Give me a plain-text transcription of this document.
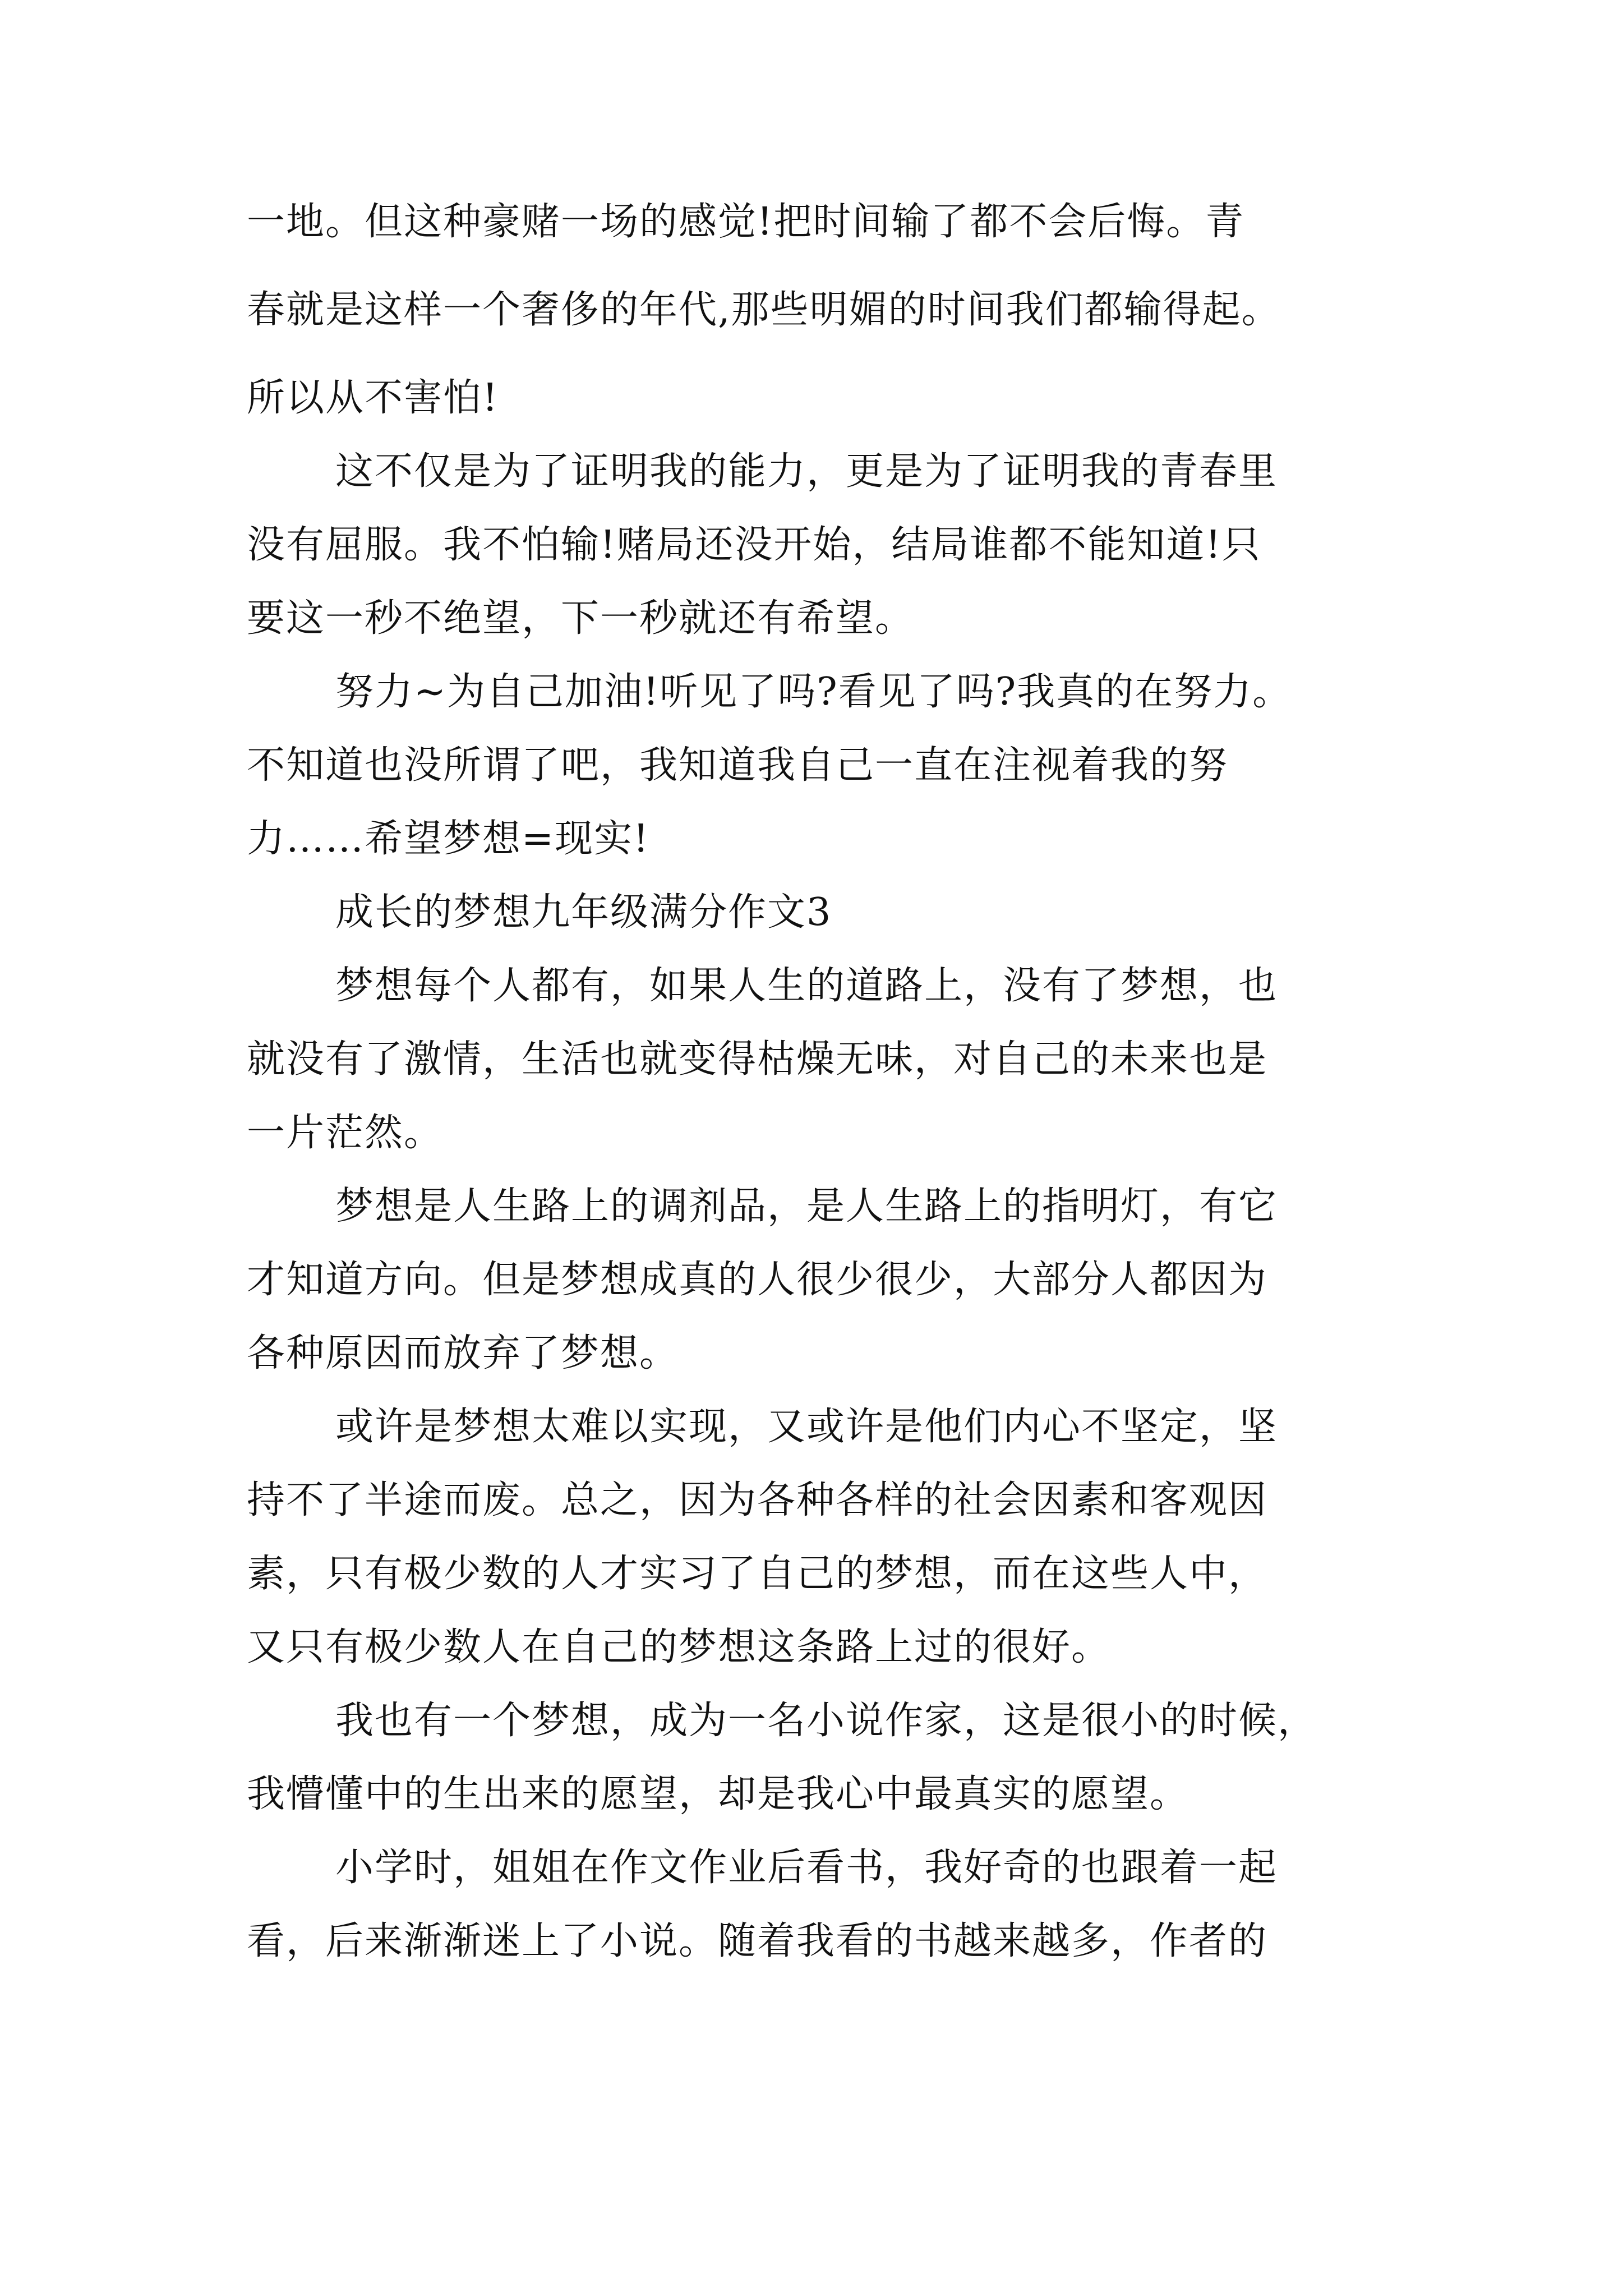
一地。但这种豪赌一场的感觉!把时间输了都不会后悔。青
春就是这样一个奢侈的年代,那些明媚的时间我们都输得起。
所以从不害怕!
这不仅是为了证明我的能力，更是为了证明我的青春里
没有屈服。我不怕输!赌局还没开始，结局谁都不能知道!只
要这一秒不绝望，下一秒就还有希望。
努力~为自己加油!听见了吗?看见了吗?我真的在努力。
不知道也没所谓了吧，我知道我自己一直在注视着我的努
力……希望梦想=现实!
成长的梦想九年级满分作文3
梦想每个人都有，如果人生的道路上，没有了梦想，也
就没有了激情，生活也就变得枯燥无味，对自己的未来也是
一片茫然。
梦想是人生路上的调剂品，是人生路上的指明灯，有它
才知道方向。但是梦想成真的人很少很少，大部分人都因为
各种原因而放弃了梦想。
或许是梦想太难以实现，又或许是他们内心不坚定，坚
持不了半途而废。总之，因为各种各样的社会因素和客观因
素，只有极少数的人才实习了自己的梦想，而在这些人中，
又只有极少数人在自己的梦想这条路上过的很好。
我也有一个梦想，成为一名小说作家，这是很小的时候，
我懵懂中的生出来的愿望，却是我心中最真实的愿望。
小学时，姐姐在作文作业后看书，我好奇的也跟着一起
看，后来渐渐迷上了小说。随着我看的书越来越多，作者的
